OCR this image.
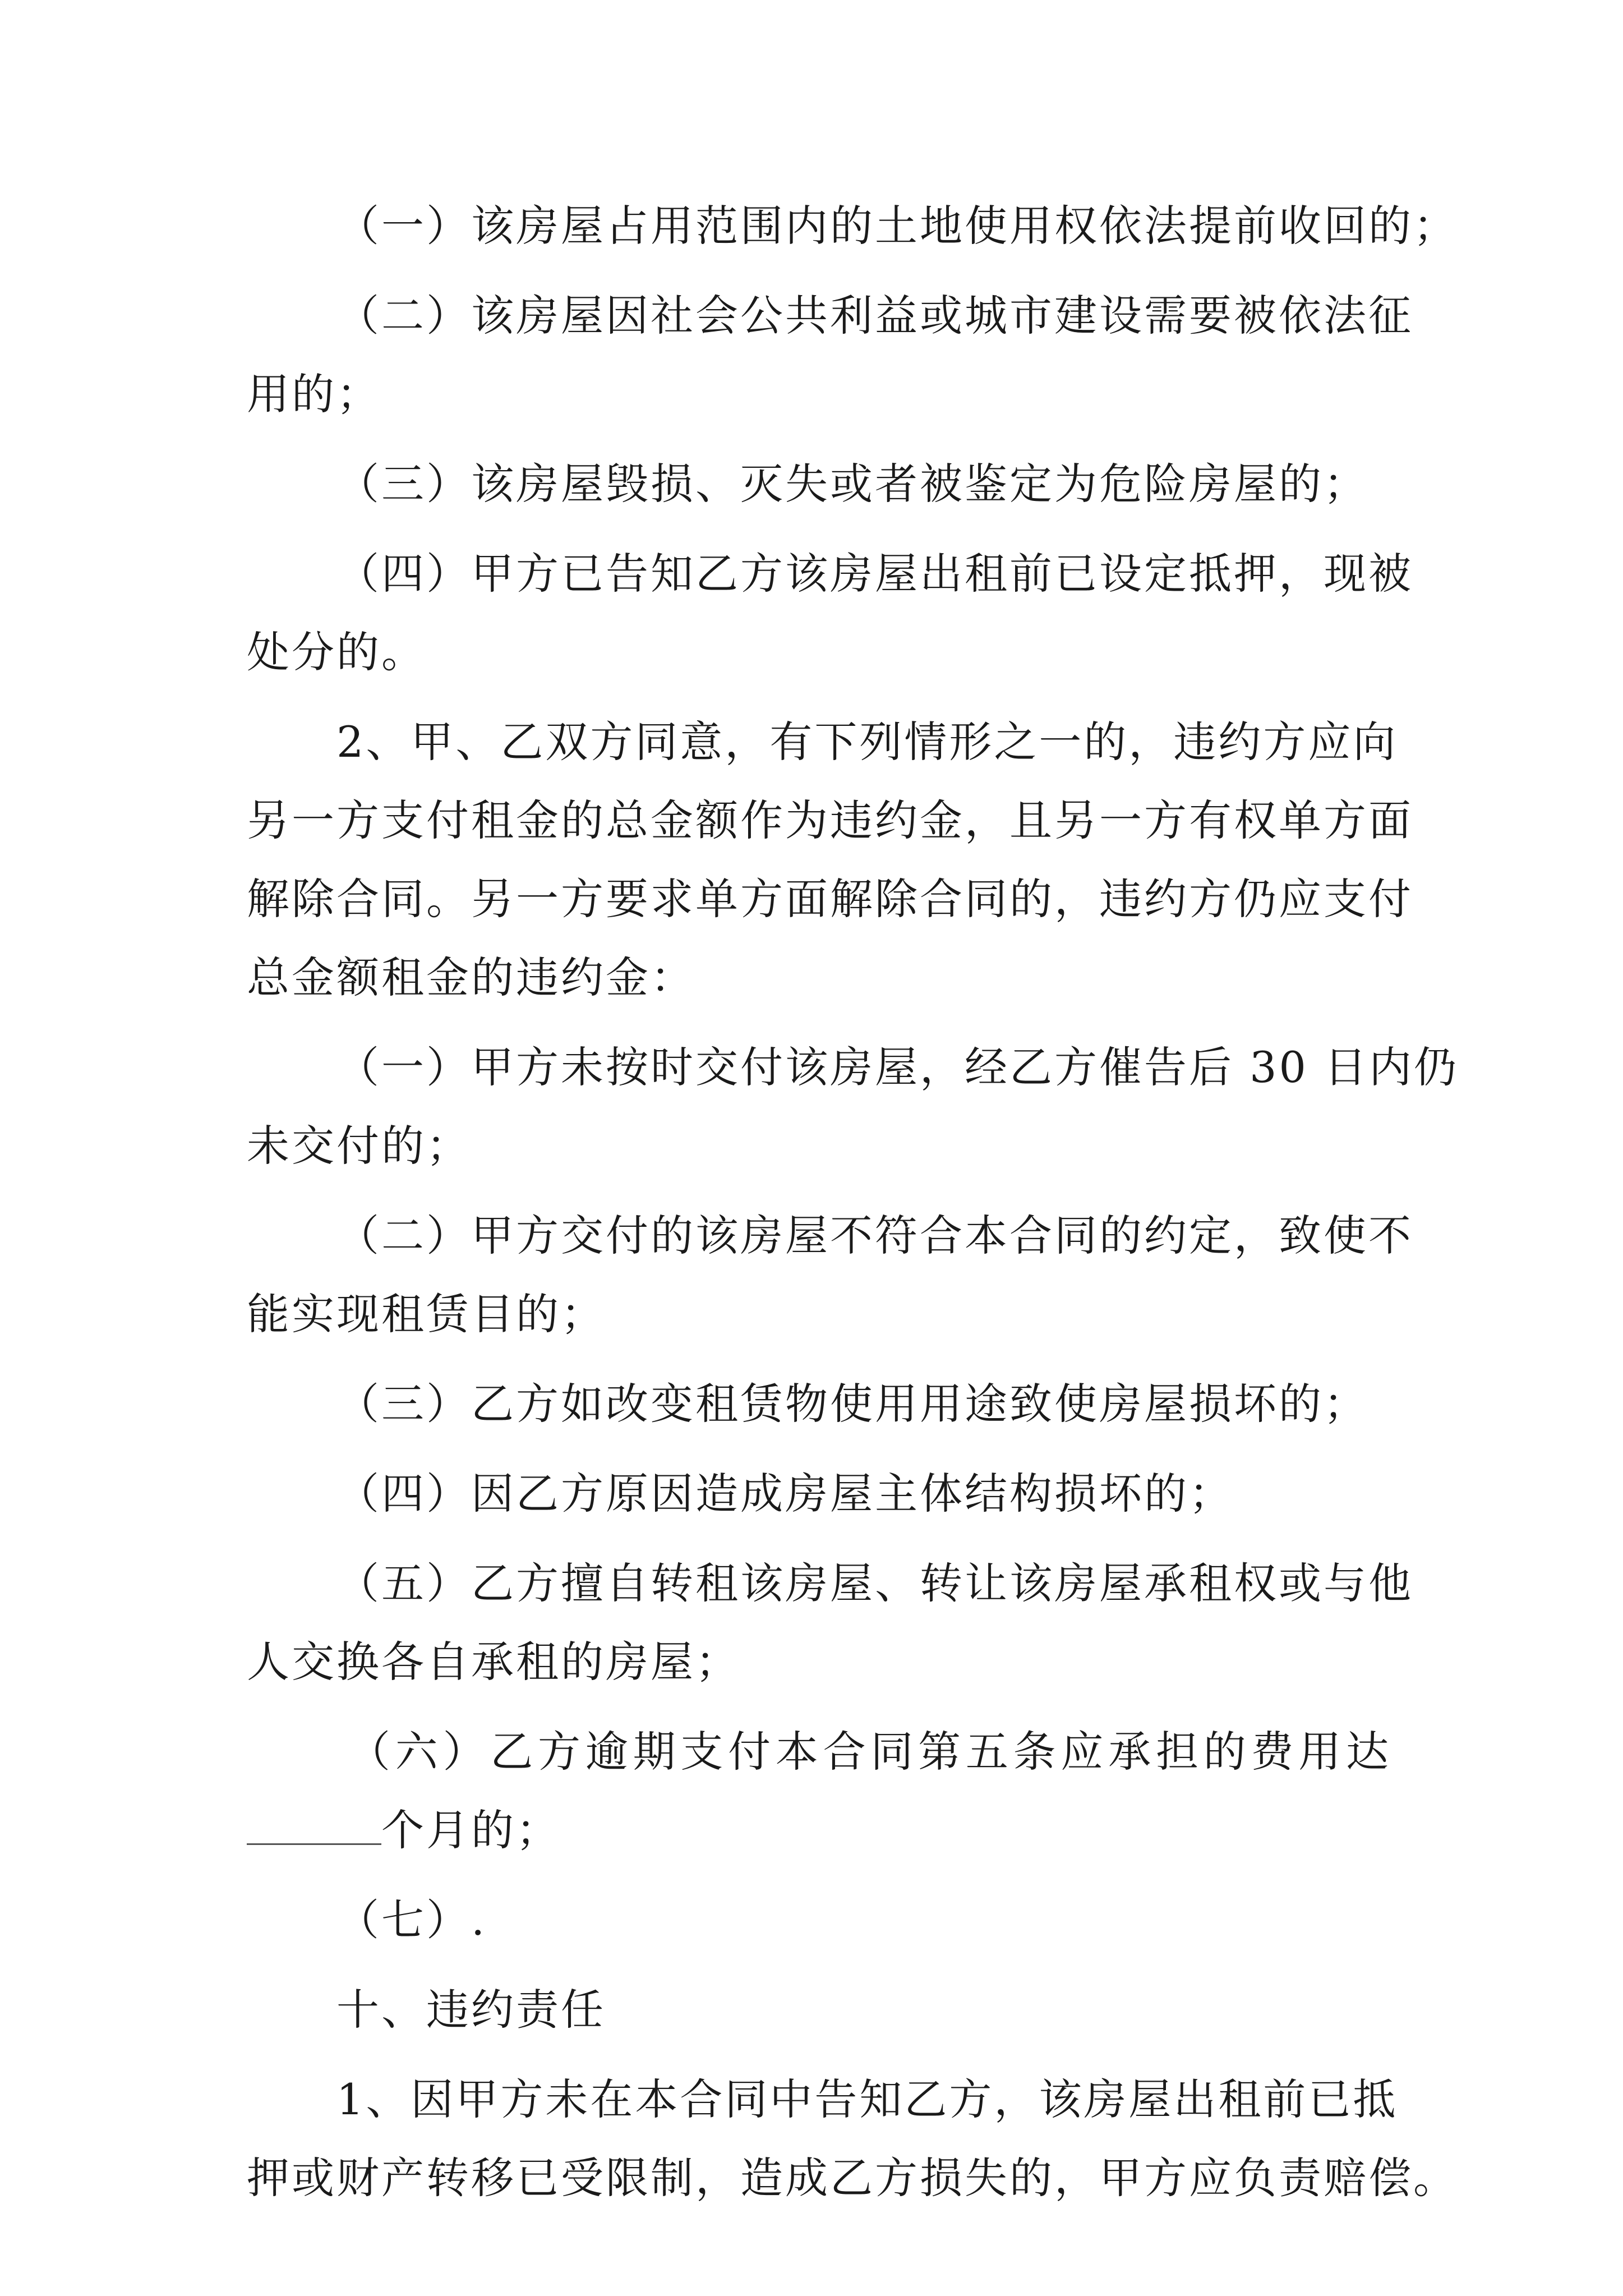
（一）该房屋占用范围内的土地使用权依法提前收回的；
（二）该房屋因社会公共利益或城市建设需要被依法征
用的；
（三）该房屋毁损、灭失或者被鉴定为危险房屋的；
（四）甲方已告知乙方该房屋出租前已设定抵押，现被
处分的。
2、甲、乙双方同意，有下列情形之一的，违约方应向
另一方支付租金的总金额作为违约金，且另一方有权单方面
解除合同。另一方要求单方面解除合同的，违约方仍应支付
总金额租金的违约金：
（一）甲方未按时交付该房屋，经乙方催告后 30 日内仍
未交付的；
（二）甲方交付的该房屋不符合本合同的约定，致使不
能实现租赁目的；
（三）乙方如改变租赁物使用用途致使房屋损坏的；
（四）因乙方原因造成房屋主体结构损坏的；
（五）乙方擅自转租该房屋、转让该房屋承租权或与他
人交换各自承租的房屋；
（六）乙方逾期支付本合同第五条应承担的费用达
个月的；
（七）.
十、违约责任
1、因甲方未在本合同中告知乙方，该房屋出租前已抵
押或财产转移已受限制，造成乙方损失的，甲方应负责赔偿。
